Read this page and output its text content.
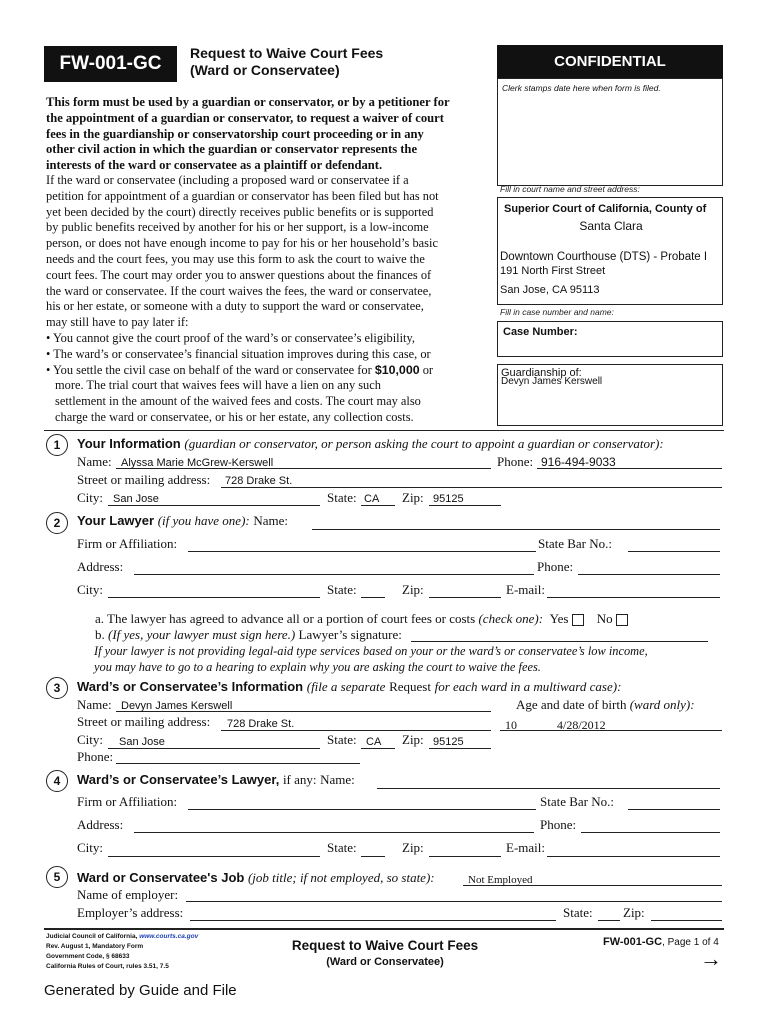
FW-001-GC Request to Waive Court Fees
(Ward or Conservatee)	CONFIDENTIAL
Clerk stamps date here when form is filed.
Fill in court name and street address:
Superior Court of California, County of
Santa Clara
Downtown Courthouse (DTS) - Probate I
191 North First Street
San Jose, CA 95113
Fill in case number and name:
Case Number:
Guardianship of:
Devyn James Kerswell
This form must be used by a guardian or conservator, or by a petitioner for
the appointment of a guardian or conservator, to request a waiver of court
fees in the guardianship or conservatorship court proceeding or in any
other civil action in which the guardian or conservator represents the
interests of the ward or conservatee as a plaintiff or defendant.
If the ward or conservatee (including a proposed ward or conservatee if a
petition for appointment of a guardian or conservator has been filed but has not
yet been decided by the court) directly receives public benefits or is supported
by public benefits received by another for his or her support, is a low-income
person, or does not have enough income to pay for his or her household’s basic
needs and the court fees, you may use this form to ask the court to waive the
court fees. The court may order you to answer questions about the finances of
the ward or conservatee. If the court waives the fees, the ward or conservatee,
his or her estate, or someone with a duty to support the ward or conservatee,
may still have to pay later if:
• You cannot give the court proof of the ward’s or conservatee’s eligibility,
• The ward’s or conservatee’s financial situation improves during this case, or
• You settle the civil case on behalf of the ward or conservatee for $10,000 or
more. The trial court that waives fees will have a lien on any such
settlement in the amount of the waived fees and costs. The court may also
charge the ward or conservatee, or his or her estate, any collection costs.
1	Your Information (guardian or conservator, or person asking the court to appoint a guardian or conservator):
Name: Alyssa Marie McGrew-Kerswell	Phone: 916-494-9033
Street or mailing address: 728 Drake St.
City: San Jose	State: CA Zip: 95125
2	Your Lawyer (if you have one): Name:
Firm or Affiliation:	State Bar No.:
Address:	Phone:
City:	State:	Zip:	E-mail:
a. The lawyer has agreed to advance all or a portion of court fees or costs (check one): Yes No
b. (If yes, your lawyer must sign here.) Lawyer’s signature:
If your lawyer is not providing legal-aid type services based on your or the ward’s or conservatee’s low income,
you may have to go to a hearing to explain why you are asking the court to waive the fees.
3	Ward’s or Conservatee’s Information (file a separate Request for each ward in a multiward case):
Name: Devyn James Kerswell	Age and date of birth (ward only):
Street or mailing address: 728 Drake St.	10	4/28/2012
City: San Jose	State: CA Zip: 95125
Phone:
4	Ward’s or Conservatee’s Lawyer, if any: Name:
Firm or Affiliation:	State Bar No.:
Address:	Phone:
City:	State:	Zip:	E-mail:
5	Ward or Conservatee's Job (job title; if not employed, so state):	Not Employed
Name of employer:
Employer’s address:	State: Zip:
Judicial Council of California, www.courts.ca.gov
Rev. August 1, Mandatory Form
Government Code, § 68633
California Rules of Court, rules 3.51, 7.5
Request to Waive Court Fees
(Ward or Conservatee)
FW-001-GC, Page 1 of 4
→
Generated by Guide and File
